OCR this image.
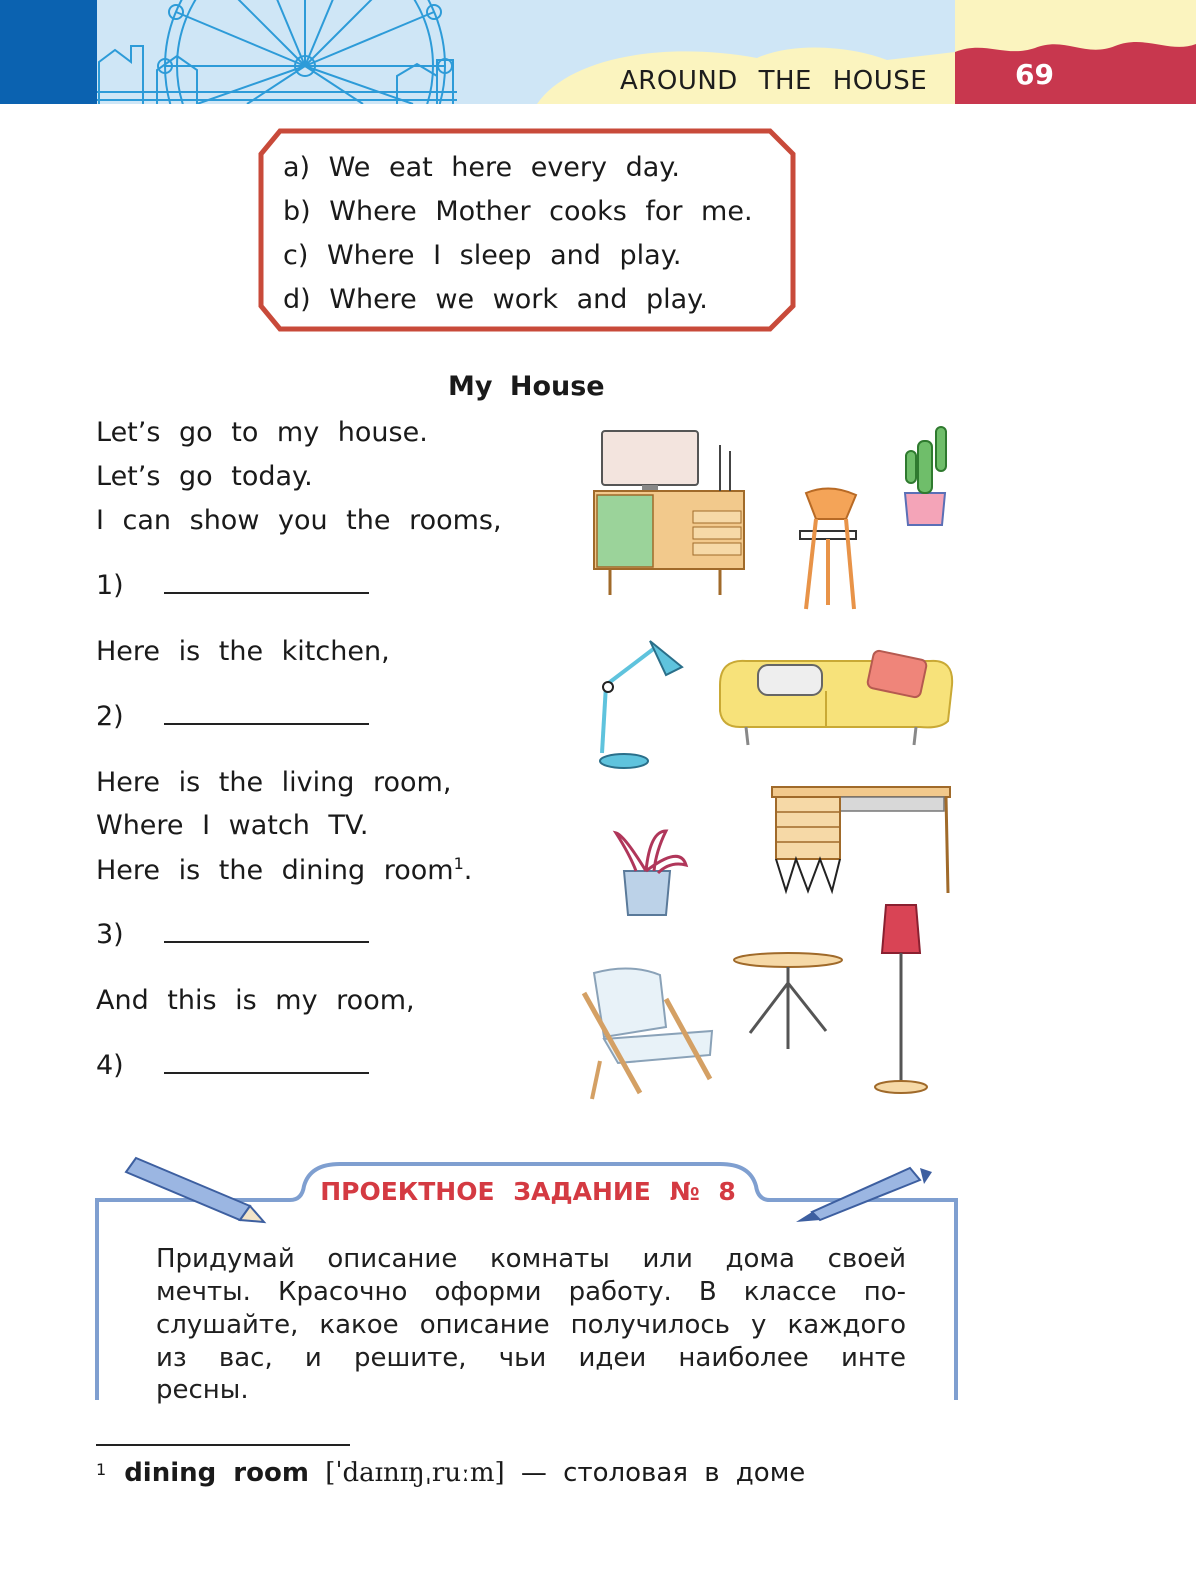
AROUND THE HOUSE	69
a) We eat here every day.
b) Where Mother cooks for me.
c) Where I sleep and play.
d) Where we work and play.
My House
Let’s go to my house.
Let’s go today.
I can show you the rooms,
1)
Here is the kitchen,
2)
Here is the living room,
Where I watch TV.
Here is the dining room$^1$.
3)
And this is my room,
4)
ПРОЕКТНОЕ ЗАДАНИЕ № 8
Придумай описание комнаты или дома своей мечты. Красочно оформи работу. В классе послушайте, какое описание получилось у каждого из вас, и решите, чьи идеи наиболее инте
ресны.
$^1$ dining room [ˈdaɪnɪŋˌruːm] — столовая в доме
